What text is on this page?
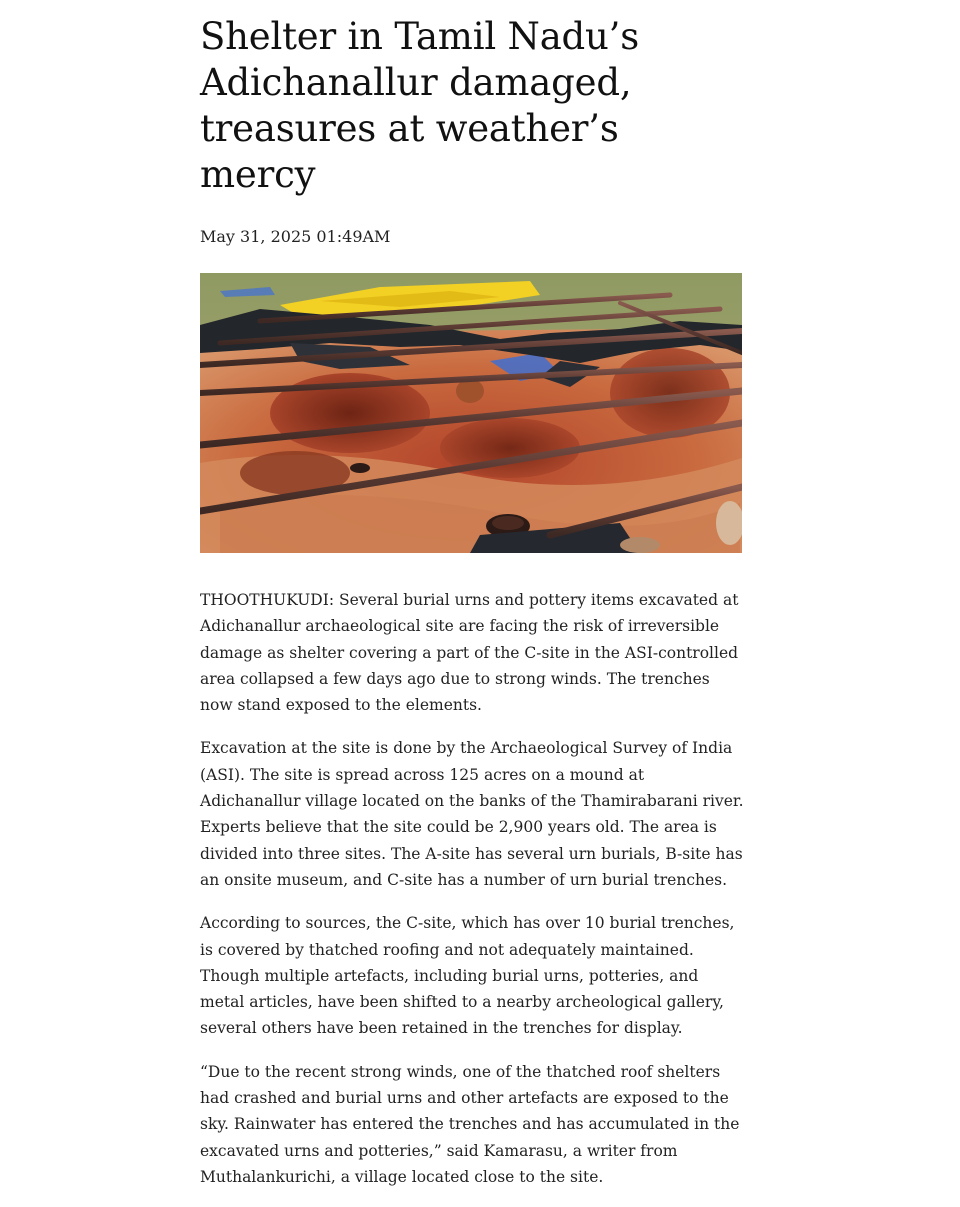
Shelter in Tamil Nadu’s Adichanallur damaged, treasures at weather’s mercy
May 31, 2025 01:49AM

THOOTHUKUDI: Several burial urns and pottery items excavated at Adichanallur archaeological site are facing the risk of irreversible damage as shelter covering a part of the C-site in the ASI-controlled area collapsed a few days ago due to strong winds. The trenches now stand exposed to the elements.

Excavation at the site is done by the Archaeological Survey of India (ASI). The site is spread across 125 acres on a mound at Adichanallur village located on the banks of the Thamirabarani river. Experts believe that the site could be 2,900 years old. The area is divided into three sites. The A-site has several urn burials, B-site has an onsite museum, and C-site has a number of urn burial trenches.

According to sources, the C-site, which has over 10 burial trenches, is covered by thatched roofing and not adequately maintained. Though multiple artefacts, including burial urns, potteries, and metal articles, have been shifted to a nearby archeological gallery, several others have been retained in the trenches for display.

“Due to the recent strong winds, one of the thatched roof shelters had crashed and burial urns and other artefacts are exposed to the sky. Rainwater has entered the trenches and has accumulated in the excavated urns and potteries,” said Kamarasu, a writer from Muthalankurichi, a village located close to the site.
